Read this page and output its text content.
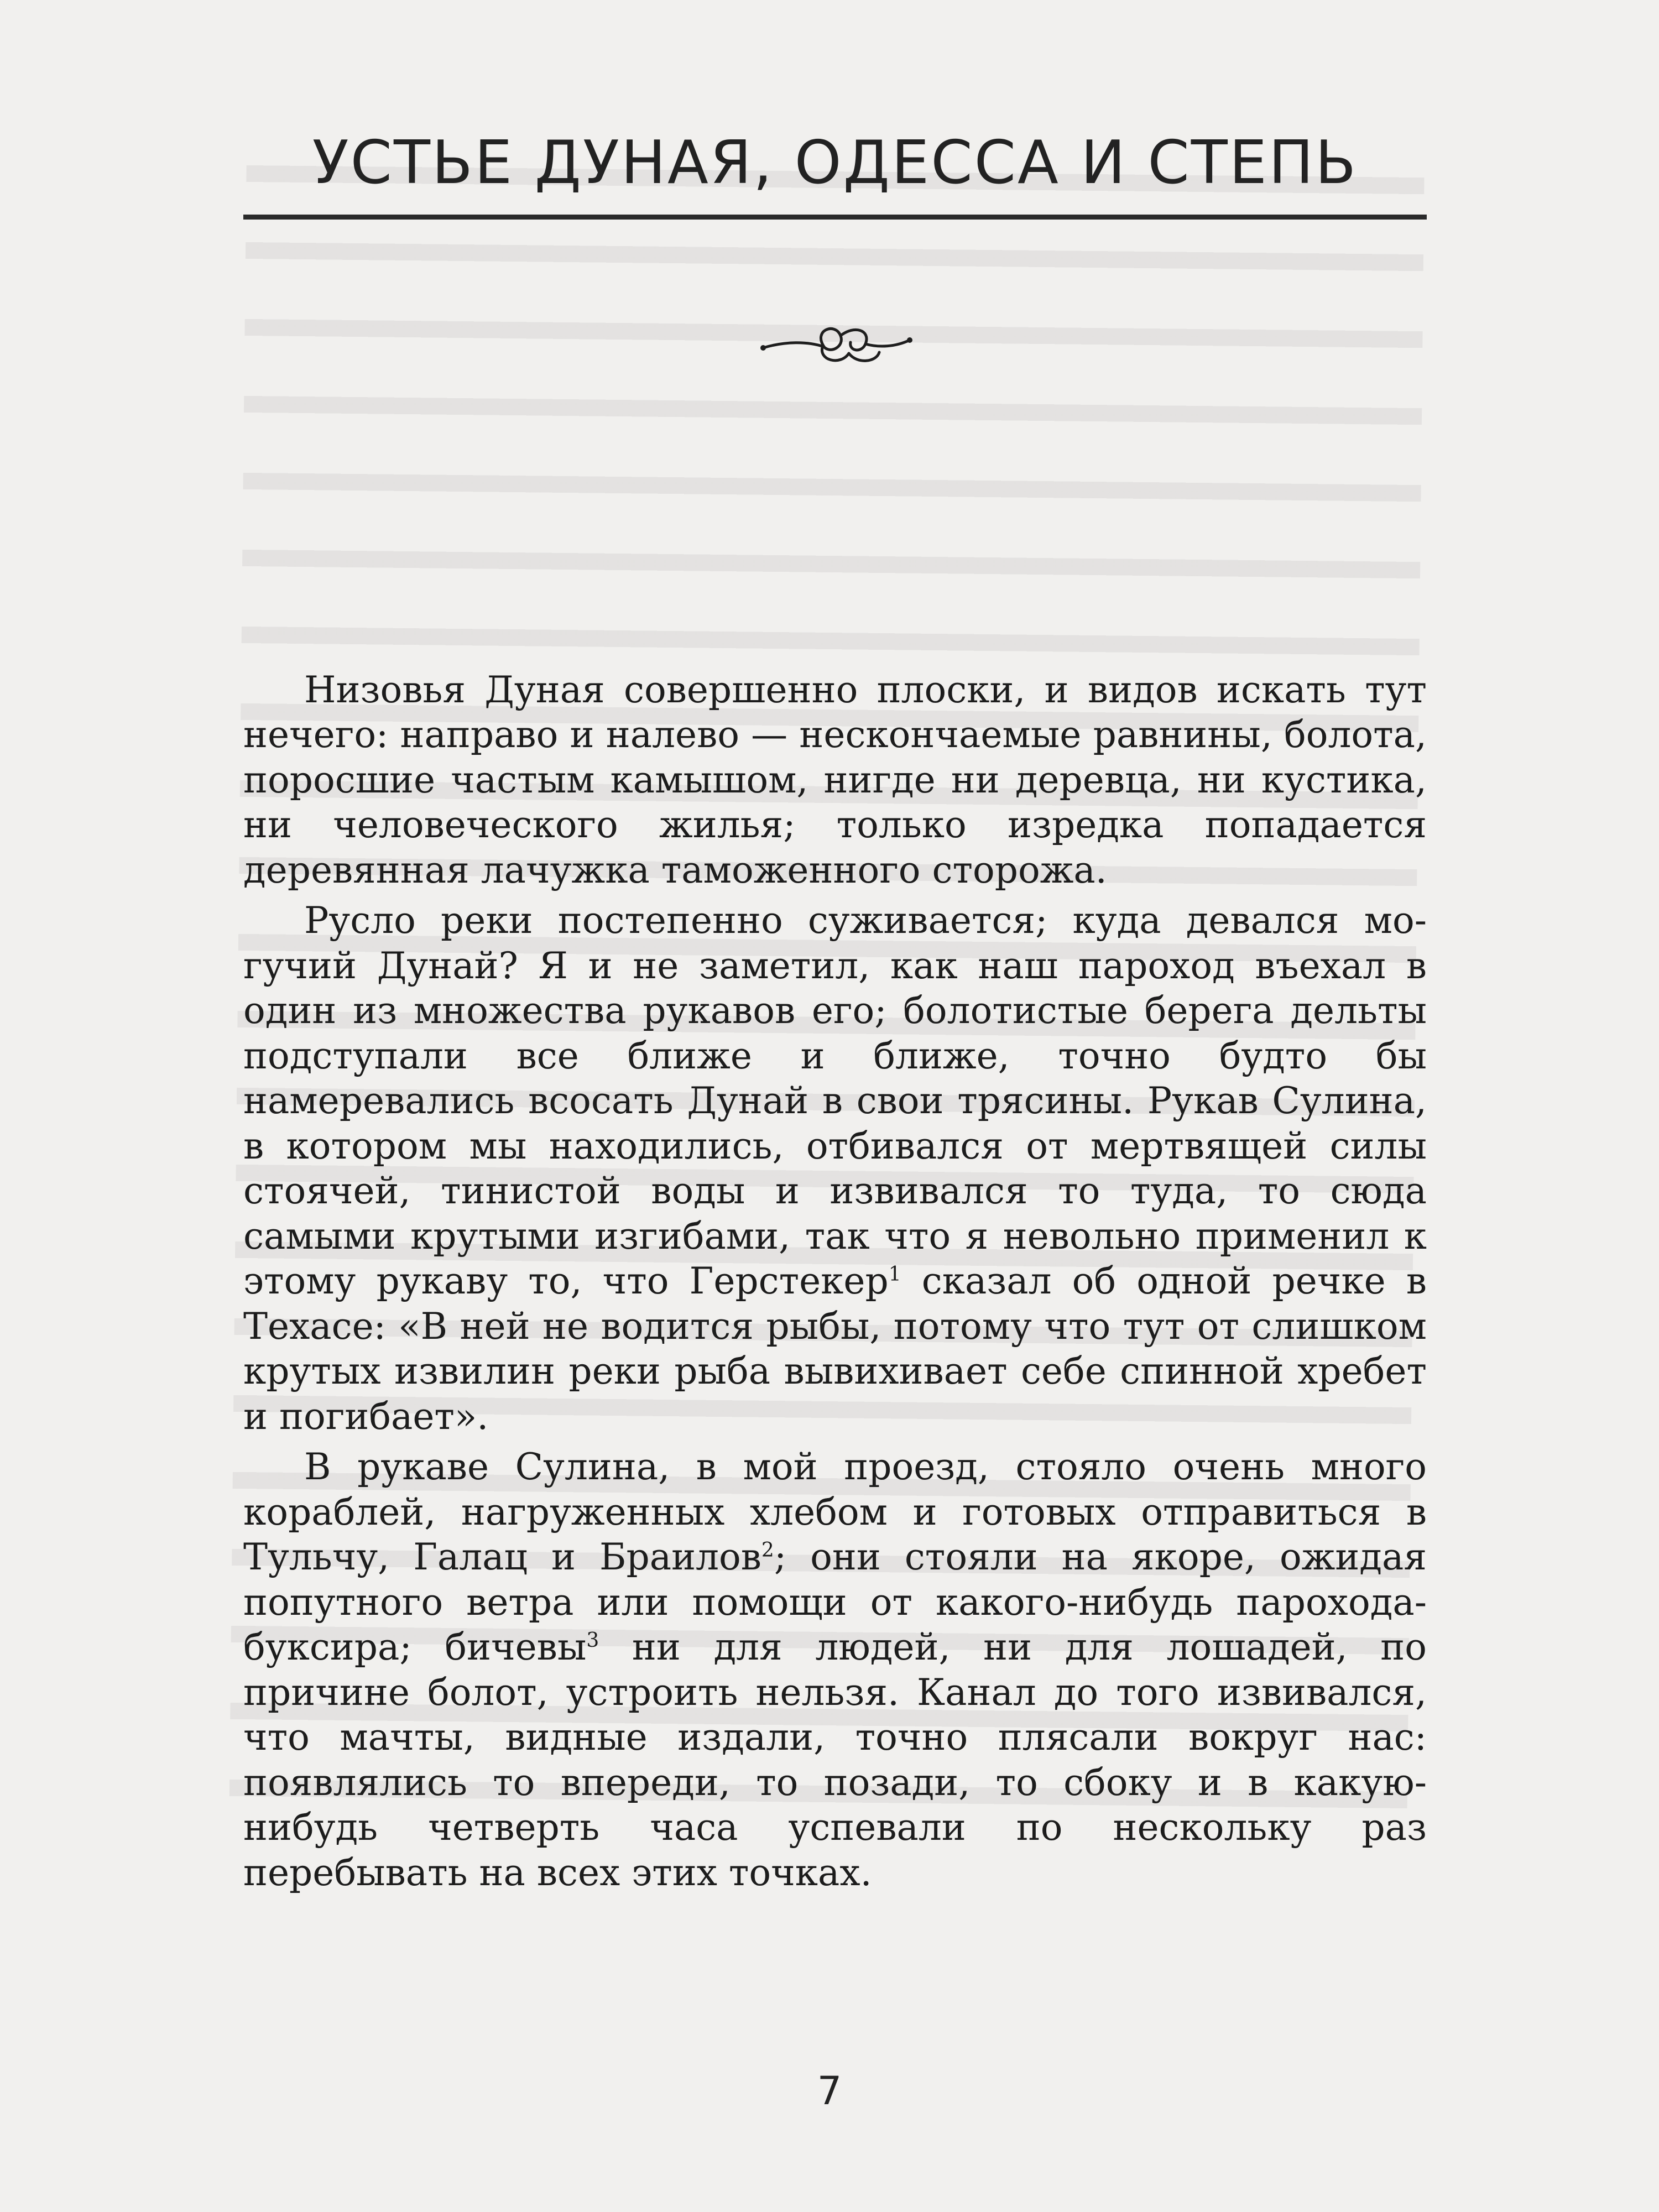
УСТЬЕ ДУНАЯ, ОДЕССА И СТЕПЬ

Низовья Дуная совершенно плоски, и видов искать тут нечего: направо и налево — нескончаемые равнины, болота, поросшие частым камышом, нигде ни деревца, ни кустика, ни человеческого жилья; только изредка попадается деревянная лачужка таможенного сторожа.

Русло реки постепенно суживается; куда девался могучий Дунай? Я и не заметил, как наш пароход въехал в один из множества рукавов его; болотистые берега дельты подступали все ближе и ближе, точно будто бы намеревались всосать Дунай в свои трясины. Рукав Сулина, в котором мы находились, отбивался от мертвящей силы стоячей, тинистой воды и извивался то туда, то сюда самыми крутыми изгибами, так что я невольно применил к этому рукаву то, что Герстекер$^1$ сказал об одной речке в Техасе: «В ней не водится рыбы, потому что тут от слишком крутых извилин реки рыба вывихивает себе спинной хребет и погибает».

В рукаве Сулина, в мой проезд, стояло очень много кораблей, нагруженных хлебом и готовых отправиться в Тульчу, Галац и Браилов$^2$; они стояли на якоре, ожидая попутного ветра или помощи от какого-нибудь парохода-буксира; бичевы$^3$ ни для людей, ни для лошадей, по причине болот, устроить нельзя. Канал до того извивался, что мачты, видные издали, точно плясали вокруг нас: появлялись то впереди, то позади, то сбоку и в какую-нибудь четверть часа успевали по нескольку раз перебывать на всех этих точках.

7
